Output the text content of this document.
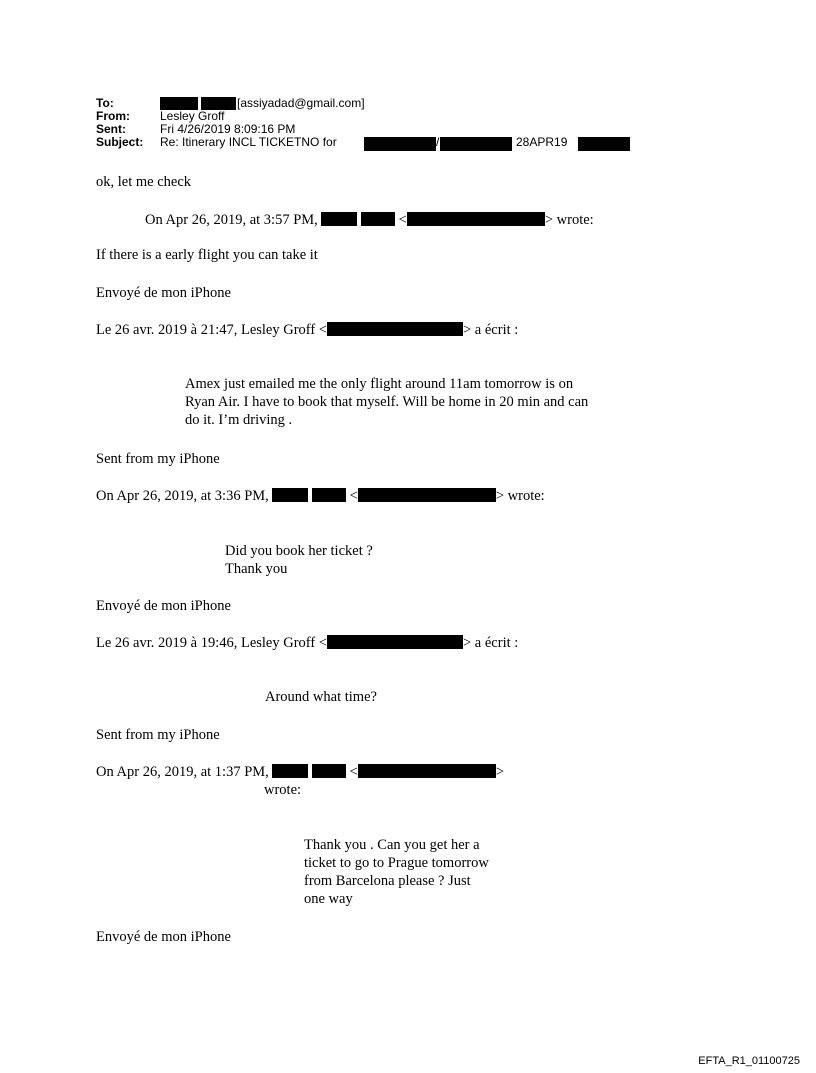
To:	[assiyadad@gmail.com]
From:	Lesley Groff
Sent:	Fri 4/26/2019 8:09:16 PM
Subject: Re: Itinerary INCL TICKETNO for	/	28APR19
ok, let me check
On Apr 26, 2019, at 3:57 PM,	<	> wrote:
If there is a early flight you can take it
Envoyé de mon iPhone
Le 26 avr. 2019 à 21:47, Lesley Groff <	> a écrit :
Amex just emailed me the only flight around 11am tomorrow is on
Ryan Air. I have to book that myself. Will be home in 20 min and can
do it. I’m driving .
Sent from my iPhone
On Apr 26, 2019, at 3:36 PM,	<	> wrote:
Did you book her ticket ?
Thank you
Envoyé de mon iPhone
Le 26 avr. 2019 à 19:46, Lesley Groff <	> a écrit :
Around what time?
Sent from my iPhone
On Apr 26, 2019, at 1:37 PM,	<	>
wrote:
Thank you . Can you get her a
ticket to go to Prague tomorrow
from Barcelona please ? Just
one way
Envoyé de mon iPhone
EFTA_R1_01100725
